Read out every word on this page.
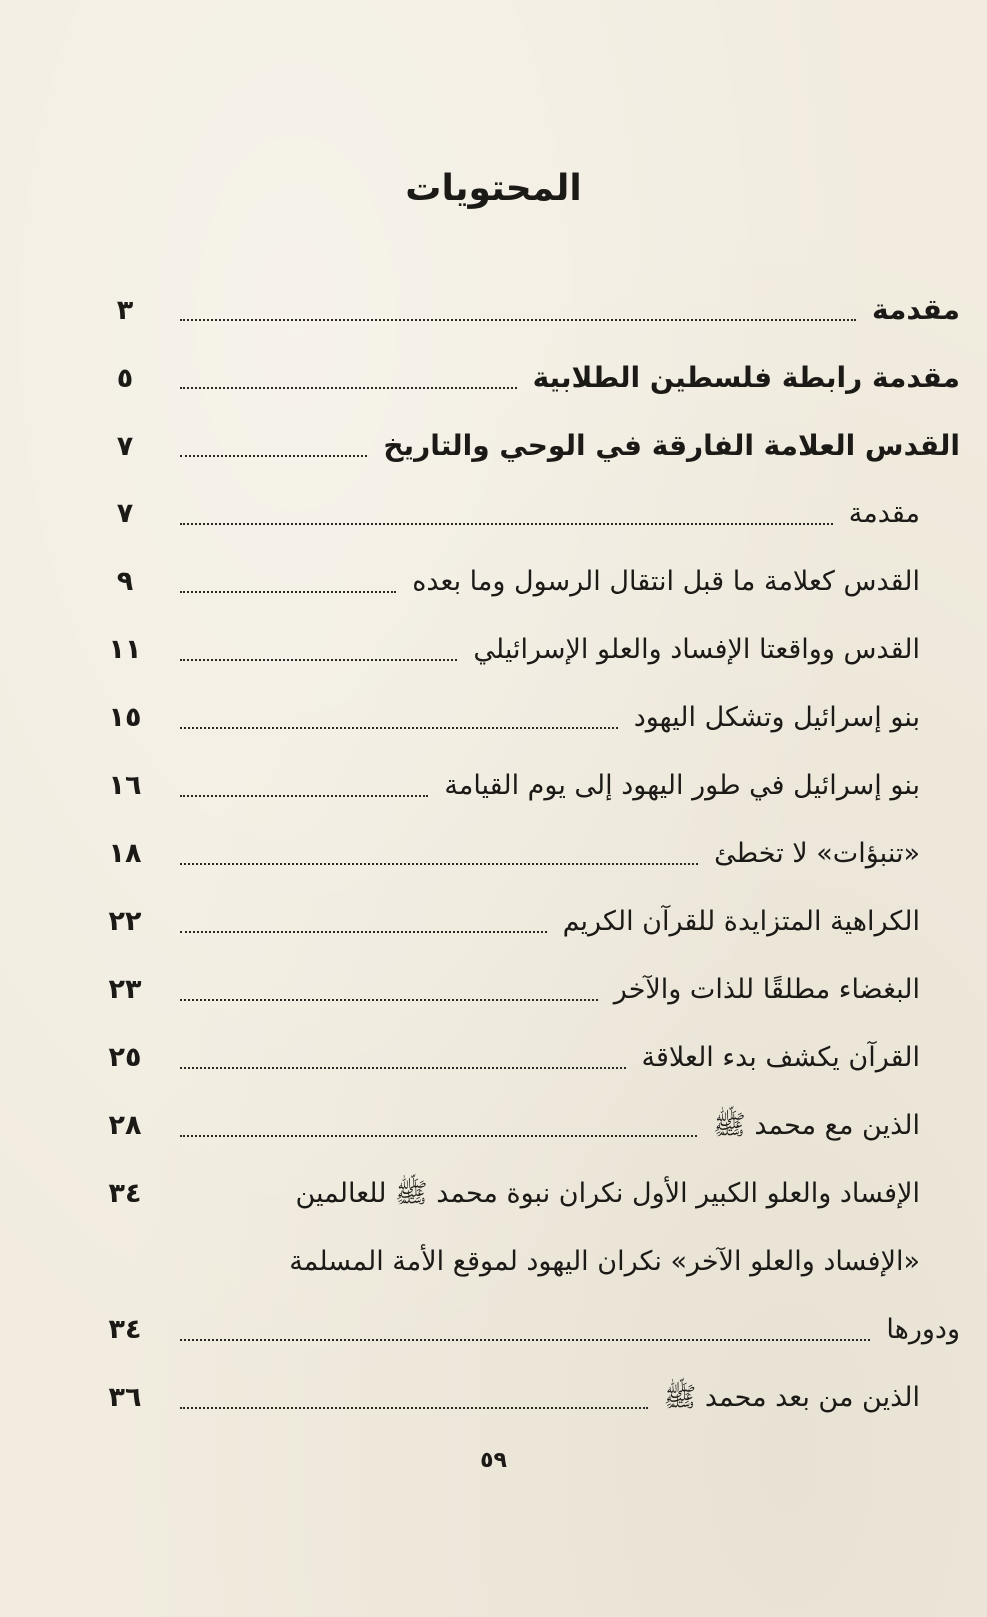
المحتويات
مقدمة
٣
مقدمة رابطة فلسطين الطلابية
٥
القدس العلامة الفارقة في الوحي والتاريخ
٧
مقدمة
٧
القدس كعلامة ما قبل انتقال الرسول وما بعده
٩
القدس وواقعتا الإفساد والعلو الإسرائيلي
١١
بنو إسرائيل وتشكل اليهود
١٥
بنو إسرائيل في طور اليهود إلى يوم القيامة
١٦
«تنبؤات» لا تخطئ
١٨
الكراهية المتزايدة للقرآن الكريم
٢٢
البغضاء مطلقًا للذات والآخر
٢٣
القرآن يكشف بدء العلاقة
٢٥
الذين مع محمد ﷺ
٢٨
الإفساد والعلو الكبير الأول نكران نبوة محمد ﷺ للعالمين
٣٤
«الإفساد والعلو الآخر» نكران اليهود لموقع الأمة المسلمة
ودورها
٣٤
الذين من بعد محمد ﷺ
٣٦
٥٩
